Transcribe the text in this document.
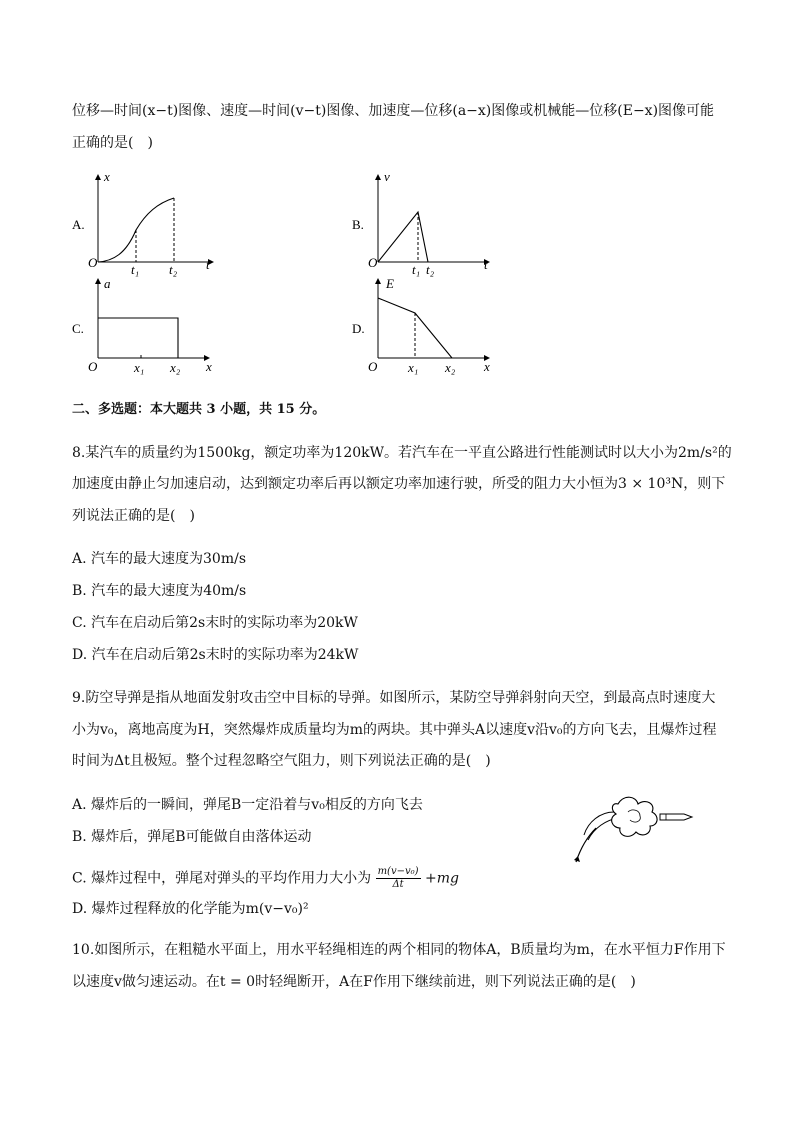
位移—时间(x−t)图像、速度—时间(v−t)图像、加速度—位移(a−x)图像或机械能—位移(E−x)图像可能
正确的是(　)
A.
x
t
O	t₁ t₂
B.
v
t
O	t₁ t₂
C.
a
x
O	x₁ x₂
D.
E
x
O x₁ x₂
二、多选题：本大题共 3 小题，共 15 分。
8.某汽车的质量约为1500kg，额定功率为120kW。若汽车在一平直公路进行性能测试时以大小为2m/s²的
加速度由静止匀加速启动，达到额定功率后再以额定功率加速行驶，所受的阻力大小恒为3 × 10³N，则下
列说法正确的是(　)
A. 汽车的最大速度为30m/s
B. 汽车的最大速度为40m/s
C. 汽车在启动后第2s末时的实际功率为20kW
D. 汽车在启动后第2s末时的实际功率为24kW
9.防空导弹是指从地面发射攻击空中目标的导弹。如图所示，某防空导弹斜射向天空，到最高点时速度大
小为v₀，离地高度为H，突然爆炸成质量均为m的两块。其中弹头A以速度v沿v₀的方向飞去，且爆炸过程
时间为Δt且极短。整个过程忽略空气阻力，则下列说法正确的是(　)
A. 爆炸后的一瞬间，弹尾B一定沿着与v₀相反的方向飞去
B. 爆炸后，弹尾B可能做自由落体运动
C. 爆炸过程中，弹尾对弹头的平均作用力大小为 $\frac{\text{m(v−v₀)}}{\Delta t} +mg$
D. 爆炸过程释放的化学能为m(v−v₀)²
10.如图所示，在粗糙水平面上，用水平轻绳相连的两个相同的物体A，B质量均为m，在水平恒力F作用下
以速度v做匀速运动。在t = 0时轻绳断开，A在F作用下继续前进，则下列说法正确的是(　)
